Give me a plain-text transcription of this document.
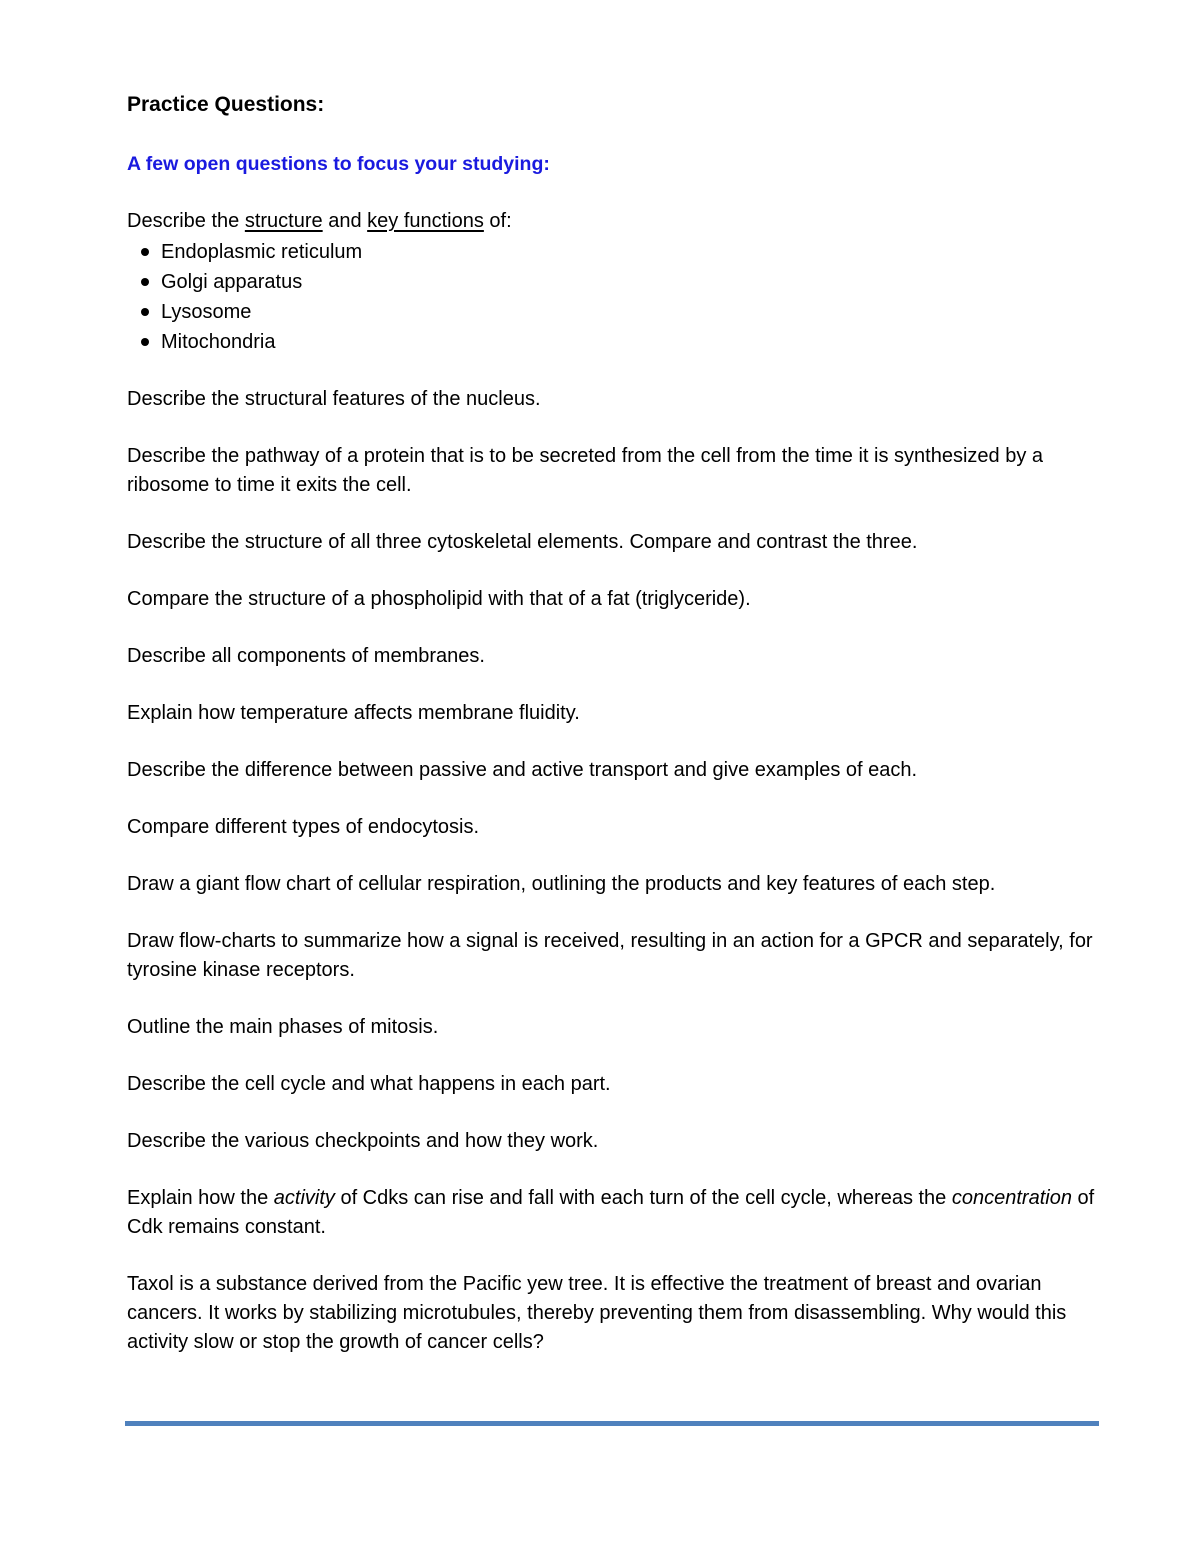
Practice Questions:

A few open questions to focus your studying:

Describe the structure and key functions of:

Endoplasmic reticulum
Golgi apparatus
Lysosome
Mitochondria

Describe the structural features of the nucleus.

Describe the pathway of a protein that is to be secreted from the cell from the time it is synthesized by a ribosome to time it exits the cell.

Describe the structure of all three cytoskeletal elements. Compare and contrast the three.

Compare the structure of a phospholipid with that of a fat (triglyceride).

Describe all components of membranes.

Explain how temperature affects membrane fluidity.

Describe the difference between passive and active transport and give examples of each.

Compare different types of endocytosis.

Draw a giant flow chart of cellular respiration, outlining the products and key features of each step.

Draw flow-charts to summarize how a signal is received, resulting in an action for a GPCR and separately, for tyrosine kinase receptors.

Outline the main phases of mitosis.

Describe the cell cycle and what happens in each part.

Describe the various checkpoints and how they work.

Explain how the activity of Cdks can rise and fall with each turn of the cell cycle, whereas the concentration of Cdk remains constant.

Taxol is a substance derived from the Pacific yew tree. It is effective the treatment of breast and ovarian cancers. It works by stabilizing microtubules, thereby preventing them from disassembling. Why would this activity slow or stop the growth of cancer cells?
